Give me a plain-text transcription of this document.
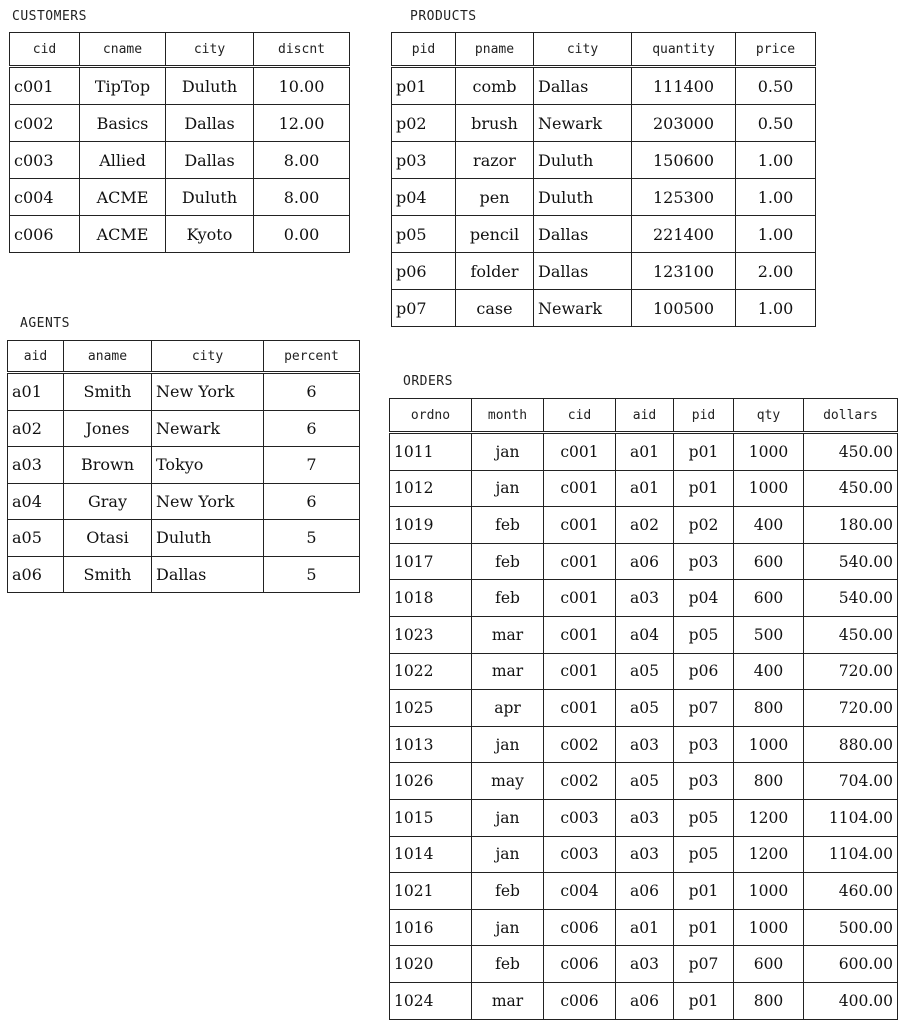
CUSTOMERS
cid	cname	city	discnt
c001	TipTop	Duluth	10.00
c002	Basics	Dallas	12.00
c003	Allied	Dallas	8.00
c004	ACME	Duluth	8.00
c006	ACME	Kyoto	0.00
PRODUCTS
pid	pname	city	quantity	price
p01	comb	Dallas	111400	0.50
p02	brush	Newark	203000	0.50
p03	razor	Duluth	150600	1.00
p04	pen	Duluth	125300	1.00
p05	pencil	Dallas	221400	1.00
p06	folder	Dallas	123100	2.00
p07	case	Newark	100500	1.00
AGENTS
aid	aname	city	percent
a01	Smith	New York	6
a02	Jones	Newark	6
a03	Brown	Tokyo	7
a04	Gray	New York	6
a05	Otasi	Duluth	5
a06	Smith	Dallas	5
ORDERS
ordno	month	cid	aid	pid	qty	dollars
1011	jan	c001	a01	p01	1000	450.00
1012	jan	c001	a01	p01	1000	450.00
1019	feb	c001	a02	p02	400	180.00
1017	feb	c001	a06	p03	600	540.00
1018	feb	c001	a03	p04	600	540.00
1023	mar	c001	a04	p05	500	450.00
1022	mar	c001	a05	p06	400	720.00
1025	apr	c001	a05	p07	800	720.00
1013	jan	c002	a03	p03	1000	880.00
1026	may	c002	a05	p03	800	704.00
1015	jan	c003	a03	p05	1200	1104.00
1014	jan	c003	a03	p05	1200	1104.00
1021	feb	c004	a06	p01	1000	460.00
1016	jan	c006	a01	p01	1000	500.00
1020	feb	c006	a03	p07	600	600.00
1024	mar	c006	a06	p01	800	400.00
